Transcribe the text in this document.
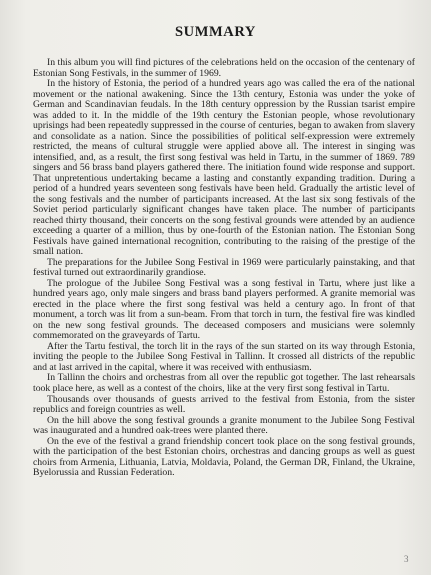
SUMMARY

In this album you will find pictures of the celebrations held on the occasion of the centenary of Estonian Song Festivals, in the summer of 1969.

In the history of Estonia, the period of a hundred years ago was called the era of the national movement or the national awakening. Since the 13th century, Estonia was under the yoke of German and Scandinavian feudals. In the 18th century oppression by the Russian tsarist empire was added to it. In the middle of the 19th century the Estonian people, whose revolutionary uprisings had been repeatedly suppressed in the course of centuries, began to awaken from slavery and consolidate as a nation. Since the possibilities of political self-expression were extremely restricted, the means of cultural struggle were applied above all. The interest in singing was intensified, and, as a result, the first song festival was held in Tartu, in the summer of 1869. 789 singers and 56 brass band players gathered there. The initiation found wide response and support. That unpretentious undertaking became a lasting and constantly expanding tradition. During a period of a hundred years seventeen song festivals have been held. Gradually the artistic level of the song festivals and the number of participants increased. At the last six song festivals of the Soviet period particularly significant changes have taken place. The number of participants reached thirty thousand, their concerts on the song festival grounds were attended by an audience exceeding a quarter of a million, thus by one-fourth of the Estonian nation. The Estonian Song Festivals have gained international recognition, contributing to the raising of the prestige of the small nation.

The preparations for the Jubilee Song Festival in 1969 were particularly painstaking, and that festival turned out extraordinarily grandiose.

The prologue of the Jubilee Song Festival was a song festival in Tartu, where just like a hundred years ago, only male singers and brass band players performed. A granite memorial was erected in the place where the first song festival was held a century ago. In front of that monument, a torch was lit from a sun-beam. From that torch in turn, the festival fire was kindled on the new song festival grounds. The deceased composers and musicians were solemnly commemorated on the graveyards of Tartu.

After the Tartu festival, the torch lit in the rays of the sun started on its way through Estonia, inviting the people to the Jubilee Song Festival in Tallinn. It crossed all districts of the republic and at last arrived in the capital, where it was received with enthusiasm.

In Tallinn the choirs and orchestras from all over the republic got together. The last rehearsals took place here, as well as a contest of the choirs, like at the very first song festival in Tartu.

Thousands over thousands of guests arrived to the festival from Estonia, from the sister republics and foreign countries as well.

On the hill above the song festival grounds a granite monument to the Jubilee Song Festival was inaugurated and a hundred oak-trees were planted there.

On the eve of the festival a grand friendship concert took place on the song festival grounds, with the participation of the best Estonian choirs, orchestras and dancing groups as well as guest choirs from Armenia, Lithuania, Latvia, Moldavia, Poland, the German DR, Finland, the Ukraine, Byelorussia and Russian Federation.

3
